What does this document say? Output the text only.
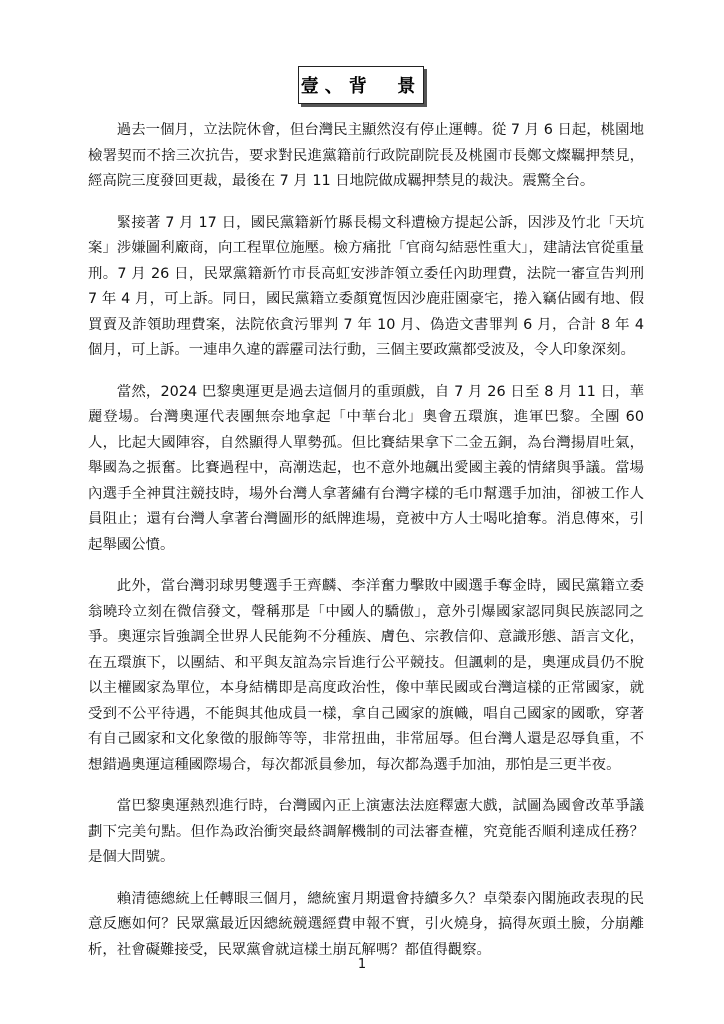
壹、背  景

過去一個月，立法院休會，但台灣民主顯然沒有停止運轉。從 7 月 6 日起，桃園地檢署契而不捨三次抗告，要求對民進黨籍前行政院副院長及桃園市長鄭文燦羈押禁見，經高院三度發回更裁，最後在 7 月 11 日地院做成羈押禁見的裁決。震驚全台。

緊接著 7 月 17 日，國民黨籍新竹縣長楊文科遭檢方提起公訴，因涉及竹北「天坑案」涉嫌圖利廠商，向工程單位施壓。檢方痛批「官商勾結惡性重大」，建請法官從重量刑。7 月 26 日，民眾黨籍新竹市長高虹安涉詐領立委任內助理費，法院一審宣告判刑 7 年 4 月，可上訴。同日，國民黨籍立委顏寬恆因沙鹿莊園豪宅，捲入竊佔國有地、假買賣及詐領助理費案，法院依貪污罪判 7 年 10 月、偽造文書罪判 6 月，合計 8 年 4 個月，可上訴。一連串久違的霹靂司法行動，三個主要政黨都受波及，令人印象深刻。

當然，2024 巴黎奧運更是過去這個月的重頭戲，自 7 月 26 日至 8 月 11 日，華麗登場。台灣奧運代表團無奈地拿起「中華台北」奧會五環旗，進軍巴黎。全團 60 人，比起大國陣容，自然顯得人單勢孤。但比賽結果拿下二金五銅，為台灣揚眉吐氣，舉國為之振奮。比賽過程中，高潮迭起，也不意外地飆出愛國主義的情緒與爭議。當場內選手全神貫注競技時，場外台灣人拿著繡有台灣字樣的毛巾幫選手加油，卻被工作人員阻止；還有台灣人拿著台灣圖形的紙牌進場，竟被中方人士喝叱搶奪。消息傳來，引起舉國公憤。

此外，當台灣羽球男雙選手王齊麟、李洋奮力擊敗中國選手奪金時，國民黨籍立委翁曉玲立刻在微信發文，聲稱那是「中國人的驕傲」，意外引爆國家認同與民族認同之爭。奧運宗旨強調全世界人民能夠不分種族、膚色、宗教信仰、意識形態、語言文化，在五環旗下，以團結、和平與友誼為宗旨進行公平競技。但諷刺的是，奧運成員仍不脫以主權國家為單位，本身結構即是高度政治性，像中華民國或台灣這樣的正常國家，就受到不公平待遇，不能與其他成員一樣，拿自己國家的旗幟，唱自己國家的國歌，穿著有自己國家和文化象徵的服飾等等，非常扭曲，非常屈辱。但台灣人還是忍辱負重，不想錯過奧運這種國際場合，每次都派員參加，每次都為選手加油，那怕是三更半夜。

當巴黎奧運熱烈進行時，台灣國內正上演憲法法庭釋憲大戲，試圖為國會改革爭議劃下完美句點。但作為政治衝突最終調解機制的司法審查權，究竟能否順利達成任務？是個大問號。

賴清德總統上任轉眼三個月，總統蜜月期還會持續多久？卓榮泰內閣施政表現的民意反應如何？民眾黨最近因總統競選經費申報不實，引火燒身，搞得灰頭土臉，分崩離析，社會礙難接受，民眾黨會就這樣土崩瓦解嗎？都值得觀察。

1
